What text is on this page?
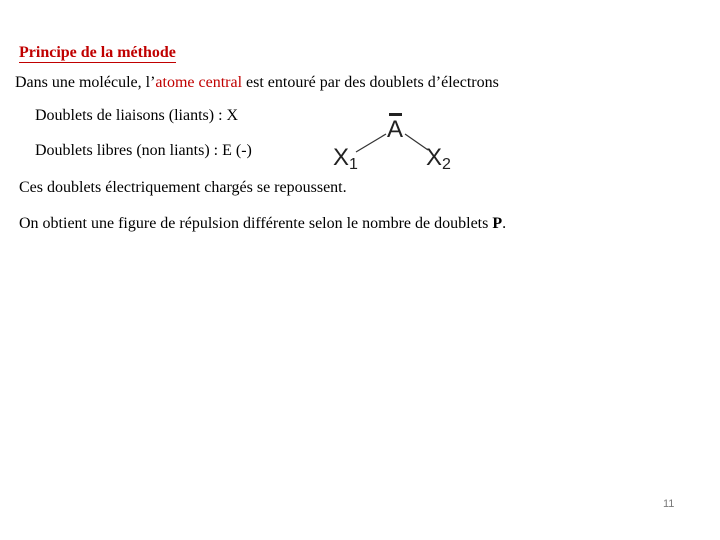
Principe de la méthode
Dans une molécule, l’atome central est entouré par des doublets d’électrons
Doublets de liaisons (liants) : X
Doublets libres (non liants) : E (-)
A
$X_1$	$X_2$
Ces doublets électriquement chargés se repoussent.
On obtient une figure de répulsion différente selon le nombre de doublets P.
11
